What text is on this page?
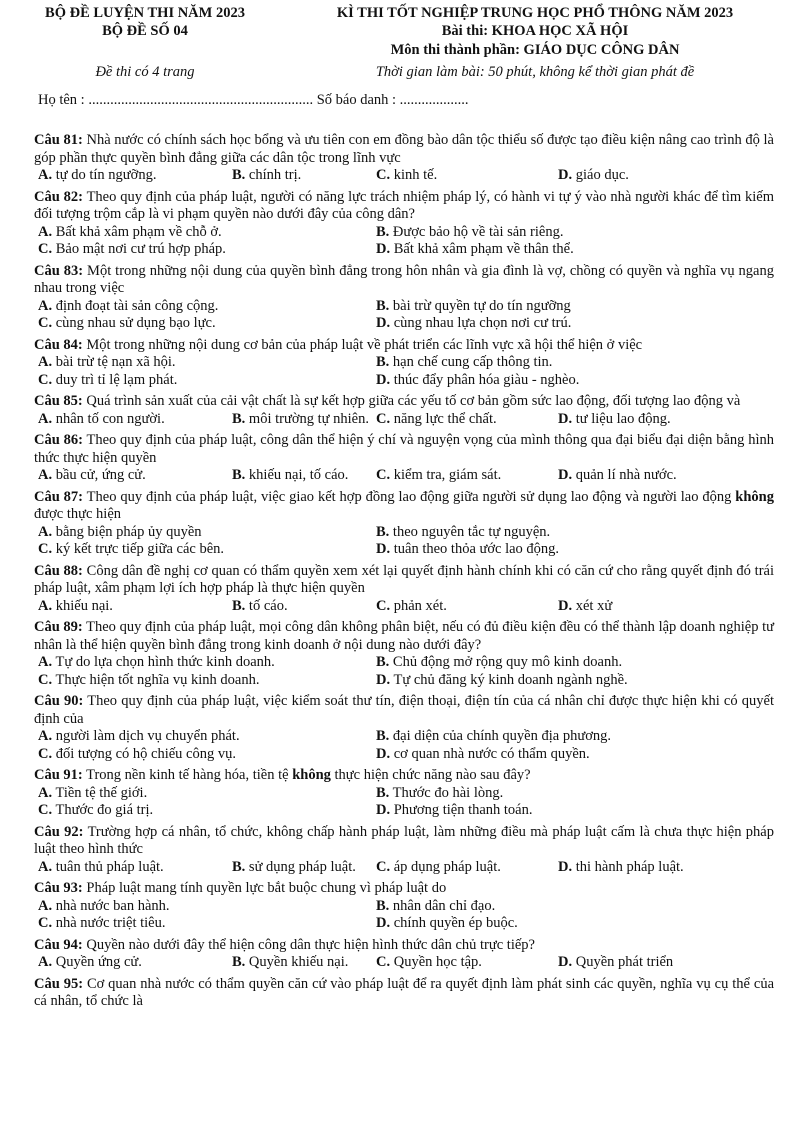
BỘ ĐỀ LUYỆN THI NĂM 2023
BỘ ĐỀ SỐ 04
Đề thi có 4 trang
KÌ THI TỐT NGHIỆP TRUNG HỌC PHỔ THÔNG NĂM 2023
Bài thi: KHOA HỌC XÃ HỘI
Môn thi thành phần: GIÁO DỤC CÔNG DÂN
Thời gian làm bài: 50 phút, không kể thời gian phát đề
Họ tên : .............................................................. Số báo danh : ...................
Câu 81: Nhà nước có chính sách học bổng và ưu tiên con em đồng bào dân tộc thiểu số được tạo điều kiện nâng cao trình độ là góp phần thực quyền bình đẳng giữa các dân tộc trong lĩnh vực
A. tự do tín ngưỡng.	B. chính trị.	C. kinh tế.	D. giáo dục.
Câu 82: Theo quy định của pháp luật, người có năng lực trách nhiệm pháp lý, có hành vi tự ý vào nhà người khác để tìm kiếm đối tượng trộm cắp là vi phạm quyền nào dưới đây của công dân?
A. Bất khả xâm phạm về chỗ ở.	B. Được bảo hộ về tài sản riêng.
C. Bảo mật nơi cư trú hợp pháp.	D. Bất khả xâm phạm về thân thể.
Câu 83: Một trong những nội dung của quyền bình đẳng trong hôn nhân và gia đình là vợ, chồng có quyền và nghĩa vụ ngang nhau trong việc
A. định đoạt tài sản công cộng.	B. bài trừ quyền tự do tín ngưỡng
C. cùng nhau sử dụng bạo lực.	D. cùng nhau lựa chọn nơi cư trú.
Câu 84: Một trong những nội dung cơ bản của pháp luật về phát triển các lĩnh vực xã hội thể hiện ở việc
A. bài trừ tệ nạn xã hội.	B. hạn chế cung cấp thông tin.
C. duy trì tỉ lệ lạm phát.	D. thúc đẩy phân hóa giàu - nghèo.
Câu 85: Quá trình sản xuất của cải vật chất là sự kết hợp giữa các yếu tố cơ bản gồm sức lao động, đối tượng lao động và
A. nhân tố con người.	B. môi trường tự nhiên. C. năng lực thể chất.	D. tư liệu lao động.
Câu 86: Theo quy định của pháp luật, công dân thể hiện ý chí và nguyện vọng của mình thông qua đại biểu đại diện bằng hình thức thực hiện quyền
A. bầu cử, ứng cử.	B. khiếu nại, tố cáo. C. kiểm tra, giám sát.	D. quản lí nhà nước.
Câu 87: Theo quy định của pháp luật, việc giao kết hợp đồng lao động giữa người sử dụng lao động và người lao động không được thực hiện
A. bằng biện pháp ủy quyền	B. theo nguyên tắc tự nguyện.
C. ký kết trực tiếp giữa các bên.	D. tuân theo thỏa ước lao động.
Câu 88: Công dân đề nghị cơ quan có thẩm quyền xem xét lại quyết định hành chính khi có căn cứ cho rằng quyết định đó trái pháp luật, xâm phạm lợi ích hợp pháp là thực hiện quyền
A. khiếu nại.	B. tố cáo.	C. phản xét.	D. xét xử
Câu 89: Theo quy định của pháp luật, mọi công dân không phân biệt, nếu có đủ điều kiện đều có thể thành lập doanh nghiệp tư nhân là thể hiện quyền bình đẳng trong kinh doanh ở nội dung nào dưới đây?
A. Tự do lựa chọn hình thức kinh doanh.	B. Chủ động mở rộng quy mô kinh doanh.
C. Thực hiện tốt nghĩa vụ kinh doanh.	D. Tự chủ đăng ký kinh doanh ngành nghề.
Câu 90: Theo quy định của pháp luật, việc kiểm soát thư tín, điện thoại, điện tín của cá nhân chỉ được thực hiện khi có quyết định của
A. người làm dịch vụ chuyển phát.	B. đại diện của chính quyền địa phương.
C. đối tượng có hộ chiếu công vụ.	D. cơ quan nhà nước có thẩm quyền.
Câu 91: Trong nền kinh tế hàng hóa, tiền tệ không thực hiện chức năng nào sau đây?
A. Tiền tệ thế giới.	B. Thước đo hài lòng.
C. Thước đo giá trị.	D. Phương tiện thanh toán.
Câu 92: Trường hợp cá nhân, tổ chức, không chấp hành pháp luật, làm những điều mà pháp luật cấm là chưa thực hiện pháp luật theo hình thức
A. tuân thủ pháp luật.	B. sử dụng pháp luật. C. áp dụng pháp luật.	D. thi hành pháp luật.
Câu 93: Pháp luật mang tính quyền lực bắt buộc chung vì pháp luật do
A. nhà nước ban hành.	B. nhân dân chỉ đạo.
C. nhà nước triệt tiêu.	D. chính quyền ép buộc.
Câu 94: Quyền nào dưới đây thể hiện công dân thực hiện hình thức dân chủ trực tiếp?
A. Quyền ứng cử.	B. Quyền khiếu nại. C. Quyền học tập.	D. Quyền phát triển
Câu 95: Cơ quan nhà nước có thẩm quyền căn cứ vào pháp luật để ra quyết định làm phát sinh các quyền, nghĩa vụ cụ thể của cá nhân, tổ chức là
